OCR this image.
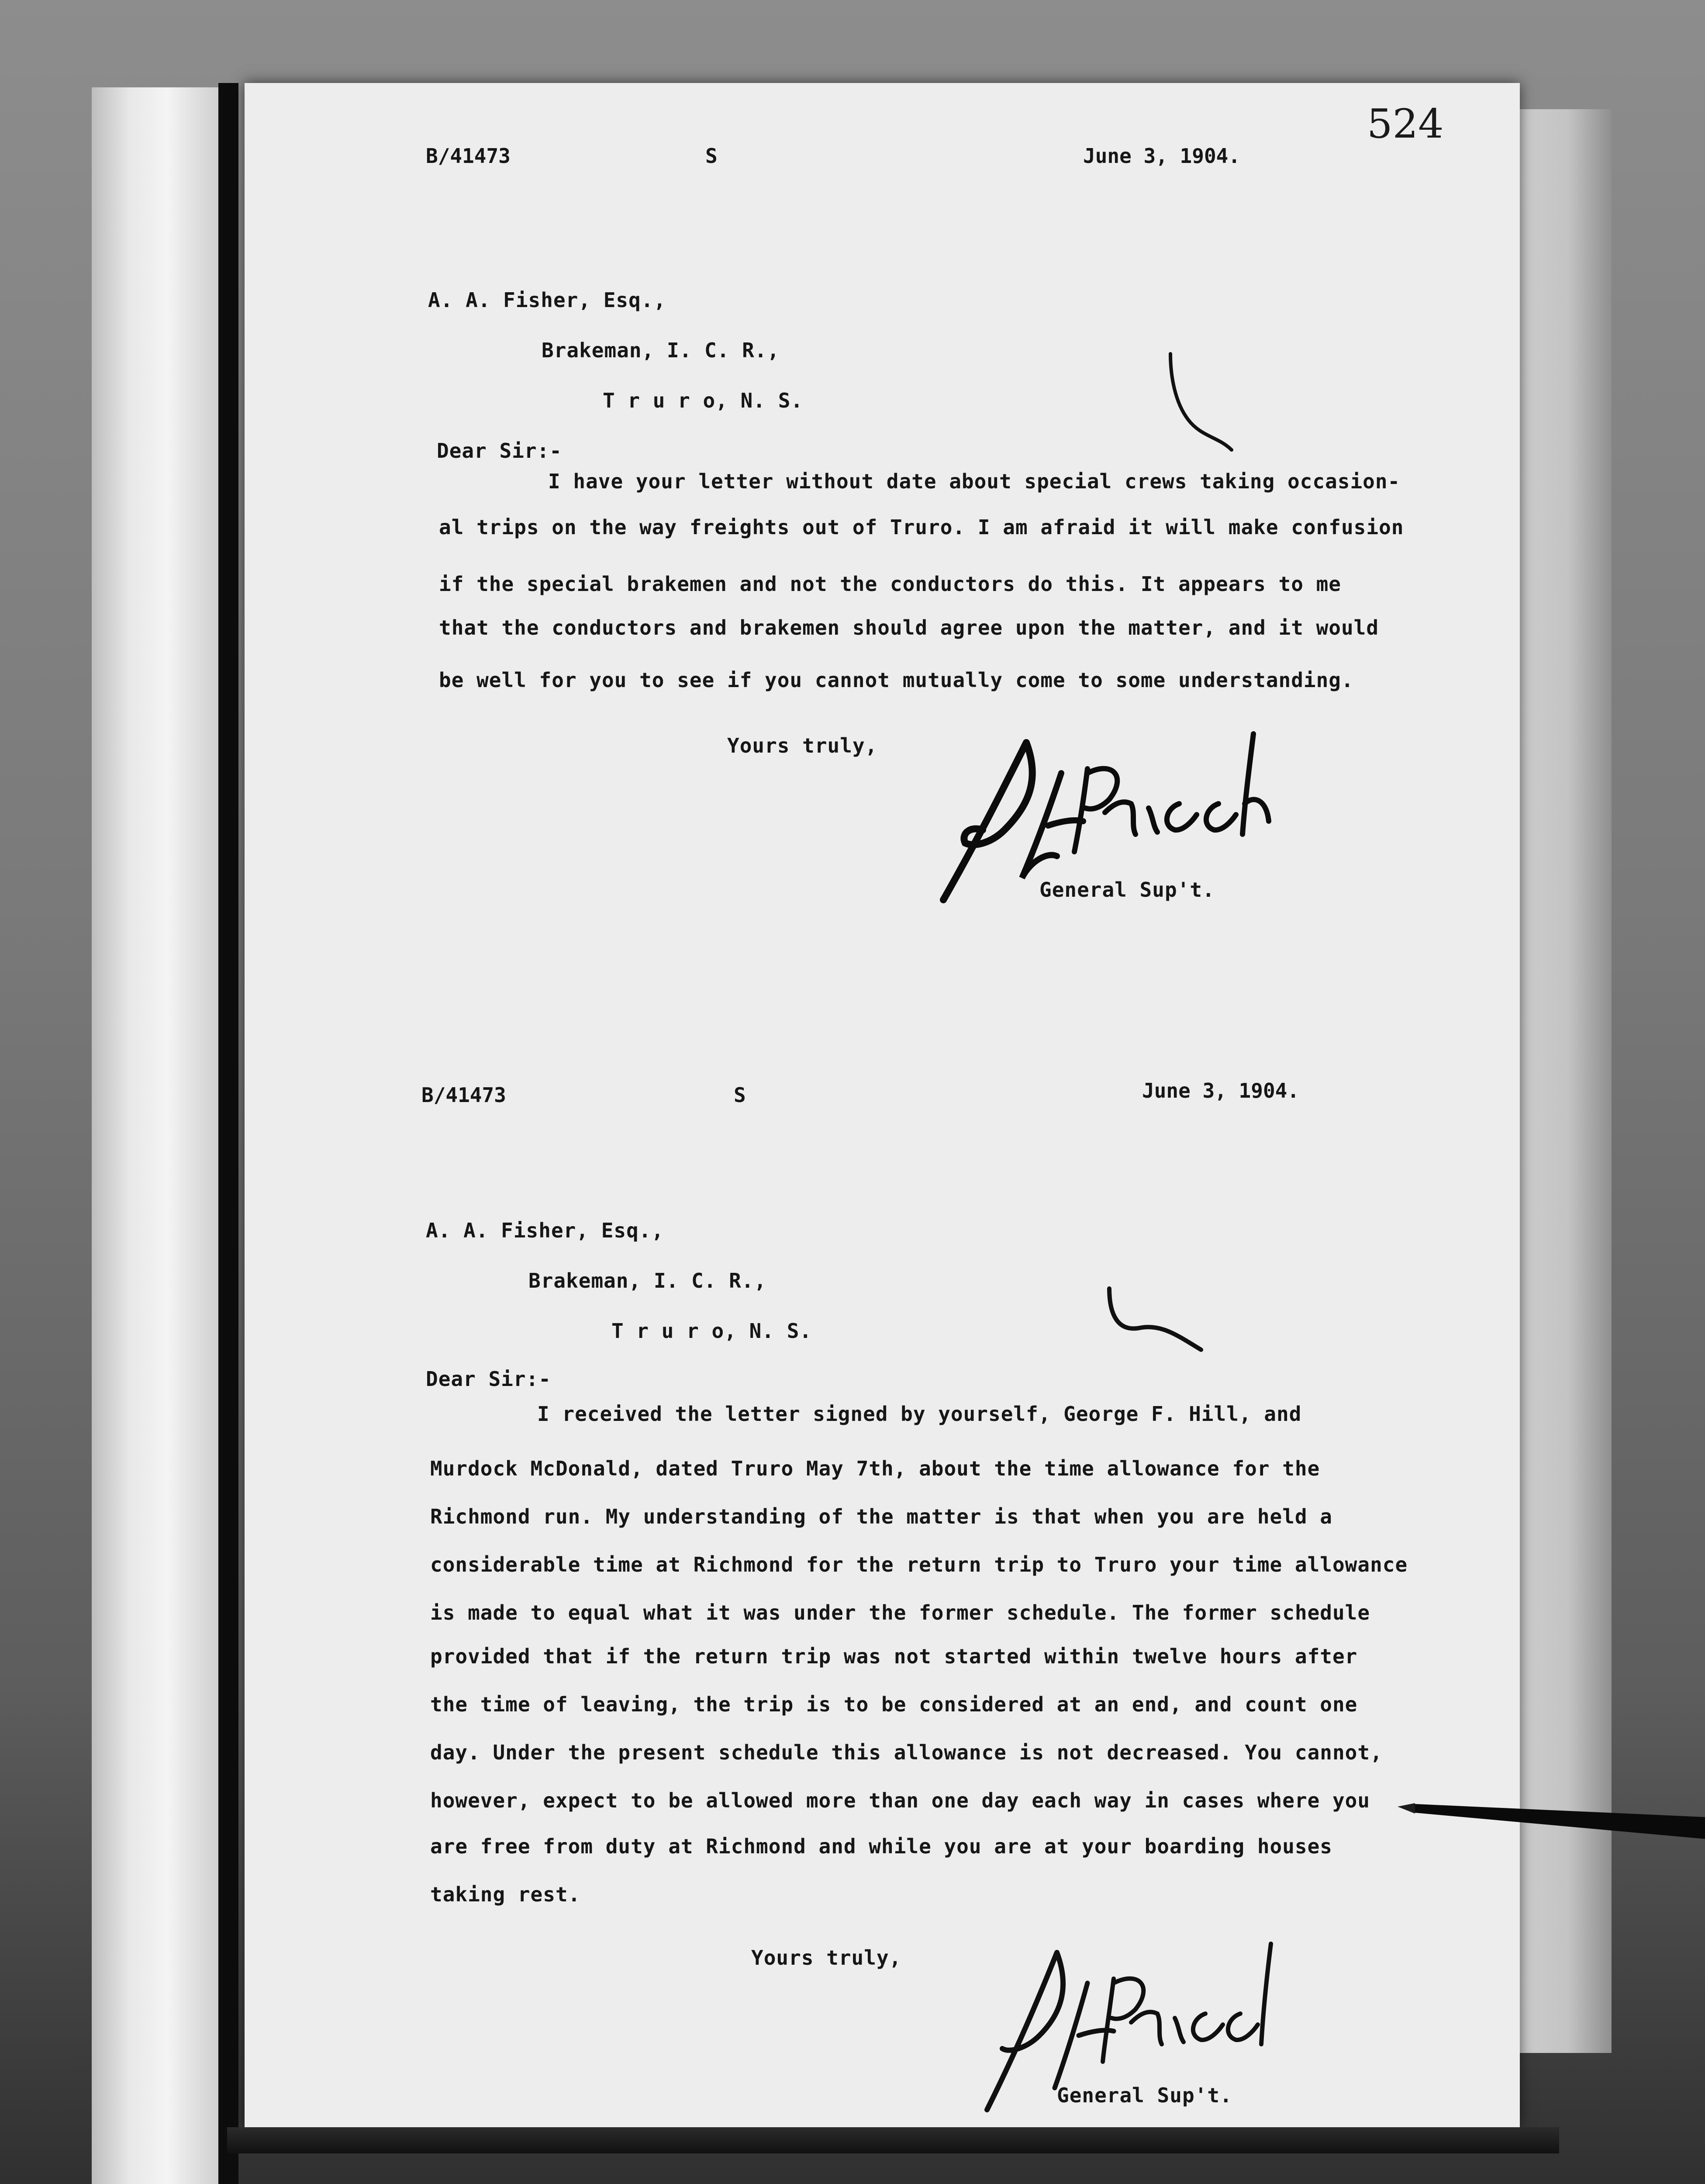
524

B/41473	S	June 3, 1904.

A. A. Fisher, Esq.,

Brakeman, I. C. R.,

T r u r o, N. S.

Dear Sir:-

I have your letter without date about special crews taking occasion-

al trips on the way freights out of Truro. I am afraid it will make confusion

if the special brakemen and not the conductors do this. It appears to me

that the conductors and brakemen should agree upon the matter, and it would

be well for you to see if you cannot mutually come to some understanding.

Yours truly,

General Sup't.

B/41473	S	June 3, 1904.

A. A. Fisher, Esq.,

Brakeman, I. C. R.,

T r u r o, N. S.

Dear Sir:-

I received the letter signed by yourself, George F. Hill, and

Murdock McDonald, dated Truro May 7th, about the time allowance for the

Richmond run. My understanding of the matter is that when you are held a

considerable time at Richmond for the return trip to Truro your time allowance

is made to equal what it was under the former schedule. The former schedule

provided that if the return trip was not started within twelve hours after

the time of leaving, the trip is to be considered at an end, and count one

day. Under the present schedule this allowance is not decreased. You cannot,

however, expect to be allowed more than one day each way in cases where you

are free from duty at Richmond and while you are at your boarding houses

taking rest.

Yours truly,

General Sup't.
